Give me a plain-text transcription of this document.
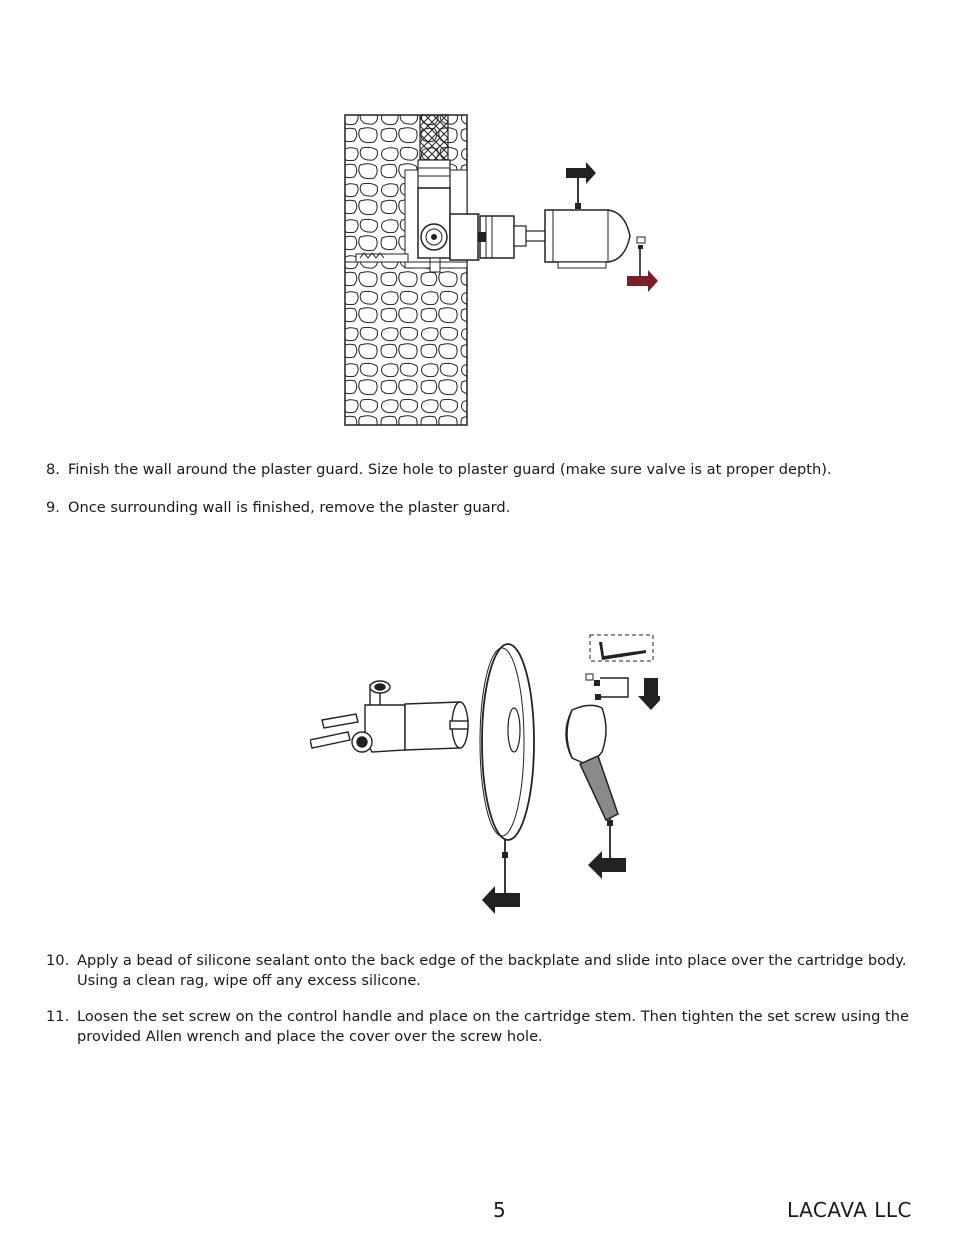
8. Finish the wall around the plaster guard. Size hole to plaster guard (make sure valve is at proper depth).

9. Once surrounding wall is finished, remove the plaster guard.

10. Apply a bead of silicone sealant onto the back edge of the backplate and slide into place over the cartridge body. Using a clean rag, wipe off any excess silicone.

11. Loosen the set screw on the control handle and place on the cartridge stem. Then tighten the set screw using the provided Allen wrench and place the cover over the screw hole.

5	LACAVA LLC
